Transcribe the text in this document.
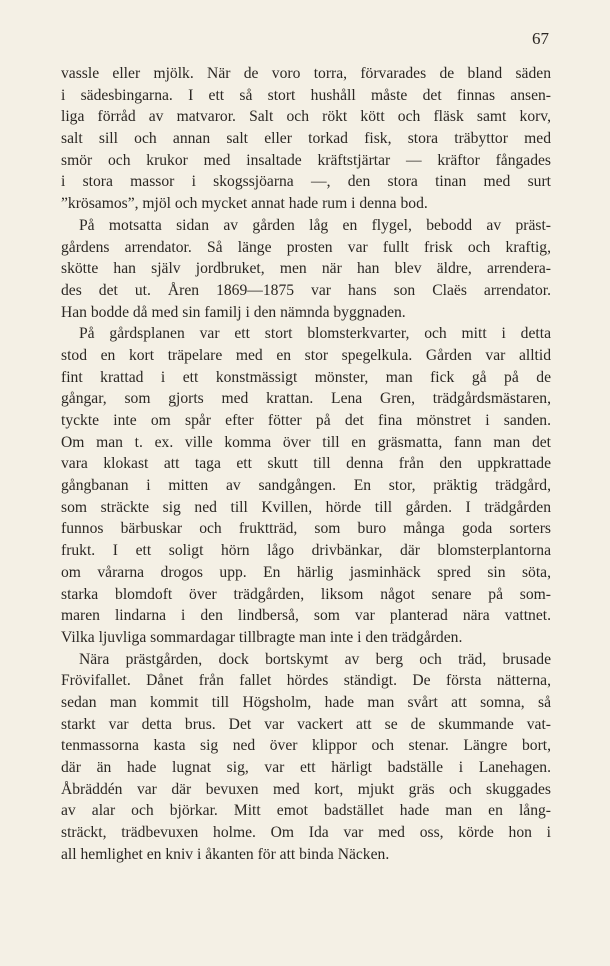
67
vassle eller mjölk. När de voro torra, förvarades de bland säden
i sädesbingarna. I ett så stort hushåll måste det finnas ansen-
liga förråd av matvaror. Salt och rökt kött och fläsk samt korv,
salt sill och annan salt eller torkad fisk, stora träbyttor med
smör och krukor med insaltade kräftstjärtar — kräftor fångades
i stora massor i skogssjöarna —, den stora tinan med surt
”krösamos”, mjöl och mycket annat hade rum i denna bod.
På motsatta sidan av gården låg en flygel, bebodd av präst-
gårdens arrendator. Så länge prosten var fullt frisk och kraftig,
skötte han själv jordbruket, men när han blev äldre, arrendera-
des det ut. Åren 1869—1875 var hans son Claës arrendator.
Han bodde då med sin familj i den nämnda byggnaden.
På gårdsplanen var ett stort blomsterkvarter, och mitt i detta
stod en kort träpelare med en stor spegelkula. Gården var alltid
fint krattad i ett konstmässigt mönster, man fick gå på de
gångar, som gjorts med krattan. Lena Gren, trädgårdsmästaren,
tyckte inte om spår efter fötter på det fina mönstret i sanden.
Om man t. ex. ville komma över till en gräsmatta, fann man det
vara klokast att taga ett skutt till denna från den uppkrattade
gångbanan i mitten av sandgången. En stor, präktig trädgård,
som sträckte sig ned till Kvillen, hörde till gården. I trädgården
funnos bärbuskar och fruktträd, som buro många goda sorters
frukt. I ett soligt hörn lågo drivbänkar, där blomsterplantorna
om vårarna drogos upp. En härlig jasminhäck spred sin söta,
starka blomdoft över trädgården, liksom något senare på som-
maren lindarna i den lindberså, som var planterad nära vattnet.
Vilka ljuvliga sommardagar tillbragte man inte i den trädgården.
Nära prästgården, dock bortskymt av berg och träd, brusade
Frövifallet. Dånet från fallet hördes ständigt. De första nätterna,
sedan man kommit till Högsholm, hade man svårt att somna, så
starkt var detta brus. Det var vackert att se de skummande vat-
tenmassorna kasta sig ned över klippor och stenar. Längre bort,
där än hade lugnat sig, var ett härligt badställe i Lanehagen.
Åbräddén var där bevuxen med kort, mjukt gräs och skuggades
av alar och björkar. Mitt emot badstället hade man en lång-
sträckt, trädbevuxen holme. Om Ida var med oss, körde hon i
all hemlighet en kniv i åkanten för att binda Näcken.
